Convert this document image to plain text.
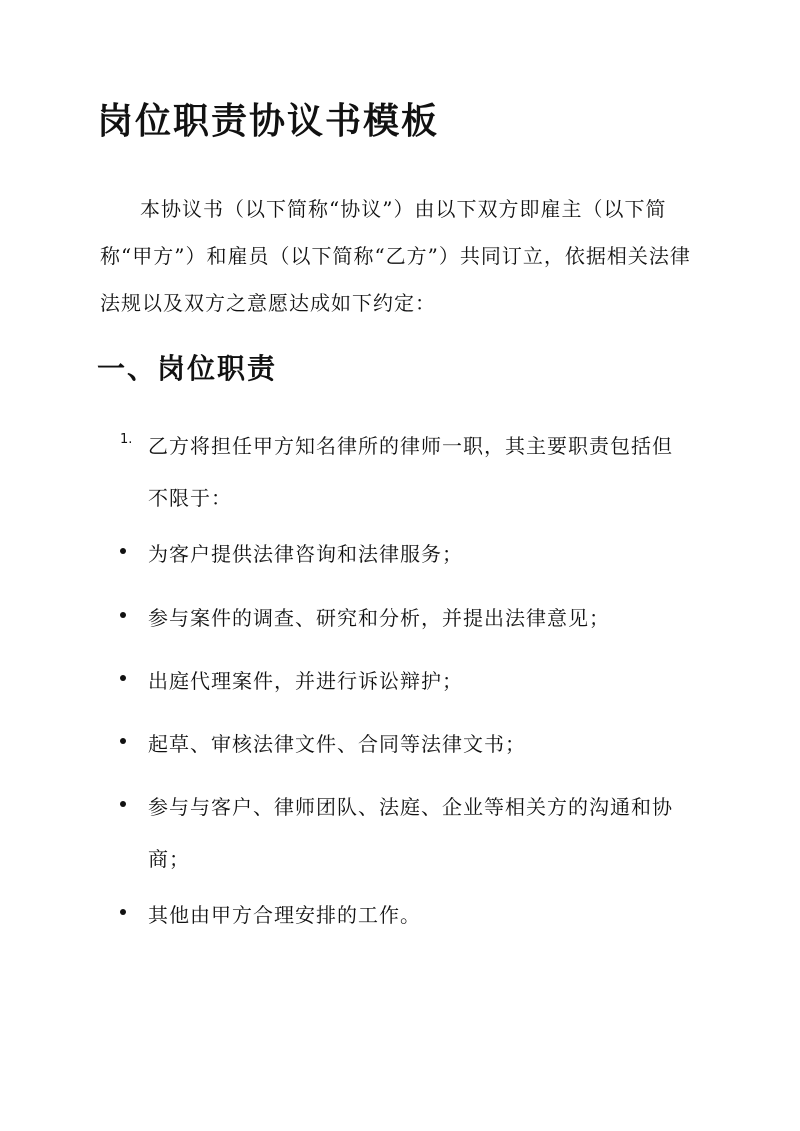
岗位职责协议书模板

本协议书（以下简称“协议”）由以下双方即雇主（以下简称“甲方”）和雇员（以下简称“乙方”）共同订立，依据相关法律法规以及双方之意愿达成如下约定：

一、岗位职责
1. 乙方将担任甲方知名律所的律师一职，其主要职责包括但不限于：
为客户提供法律咨询和法律服务；
参与案件的调查、研究和分析，并提出法律意见；
出庭代理案件，并进行诉讼辩护；
起草、审核法律文件、合同等法律文书；
参与与客户、律师团队、法庭、企业等相关方的沟通和协商；
其他由甲方合理安排的工作。
